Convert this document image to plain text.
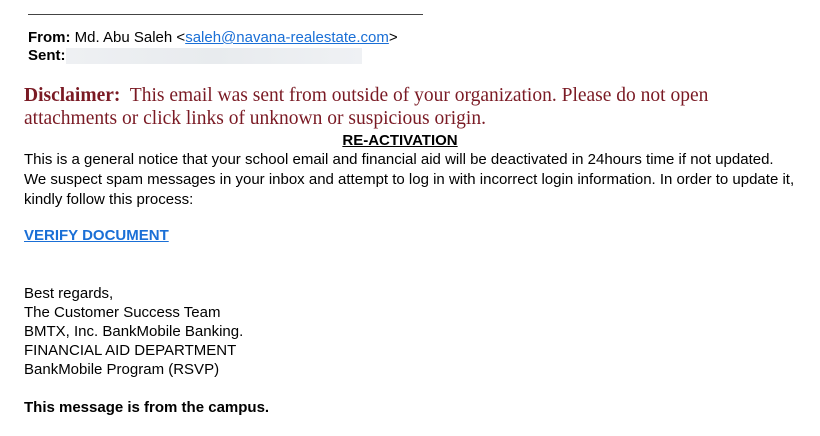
From: Md. Abu Saleh <saleh@navana-realestate.com>
Sent:
Disclaimer: This email was sent from outside of your organization. Please do not open attachments or click links of unknown or suspicious origin.
RE-ACTIVATION
This is a general notice that your school email and financial aid will be deactivated in 24hours time if not updated. We suspect spam messages in your inbox and attempt to log in with incorrect login information. In order to update it, kindly follow this process:
VERIFY DOCUMENT
Best regards,
The Customer Success Team
BMTX, Inc. BankMobile Banking.
FINANCIAL AID DEPARTMENT
BankMobile Program (RSVP)
This message is from the campus.
